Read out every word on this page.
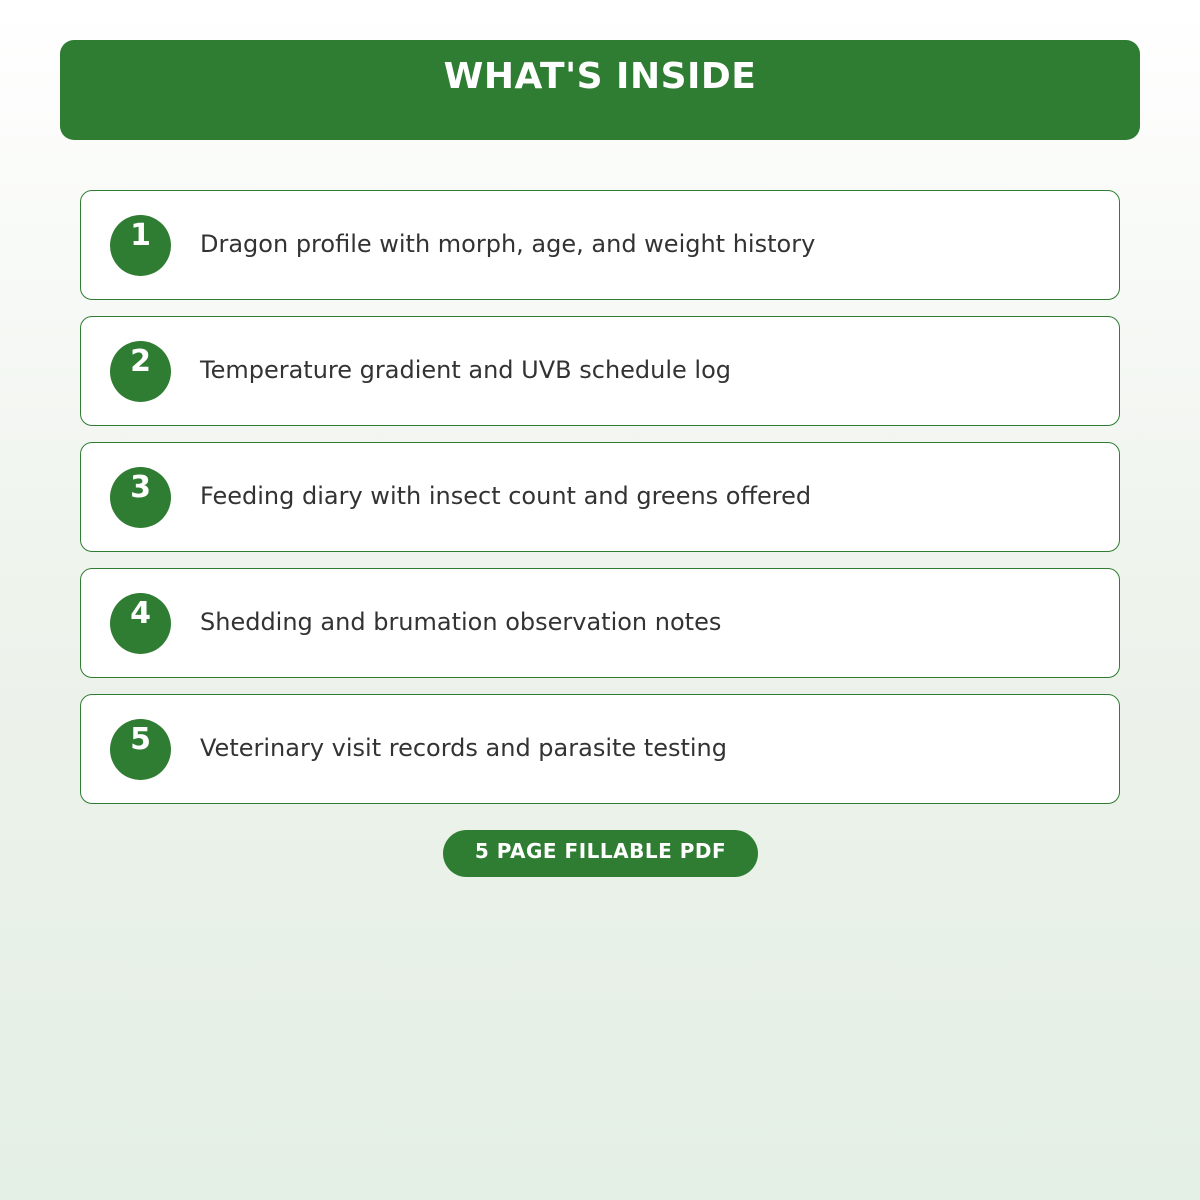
WHAT'S INSIDE
1	Dragon profile with morph, age, and weight history
2	Temperature gradient and UVB schedule log
3	Feeding diary with insect count and greens offered
4	Shedding and brumation observation notes
5	Veterinary visit records and parasite testing
5 PAGE FILLABLE PDF
